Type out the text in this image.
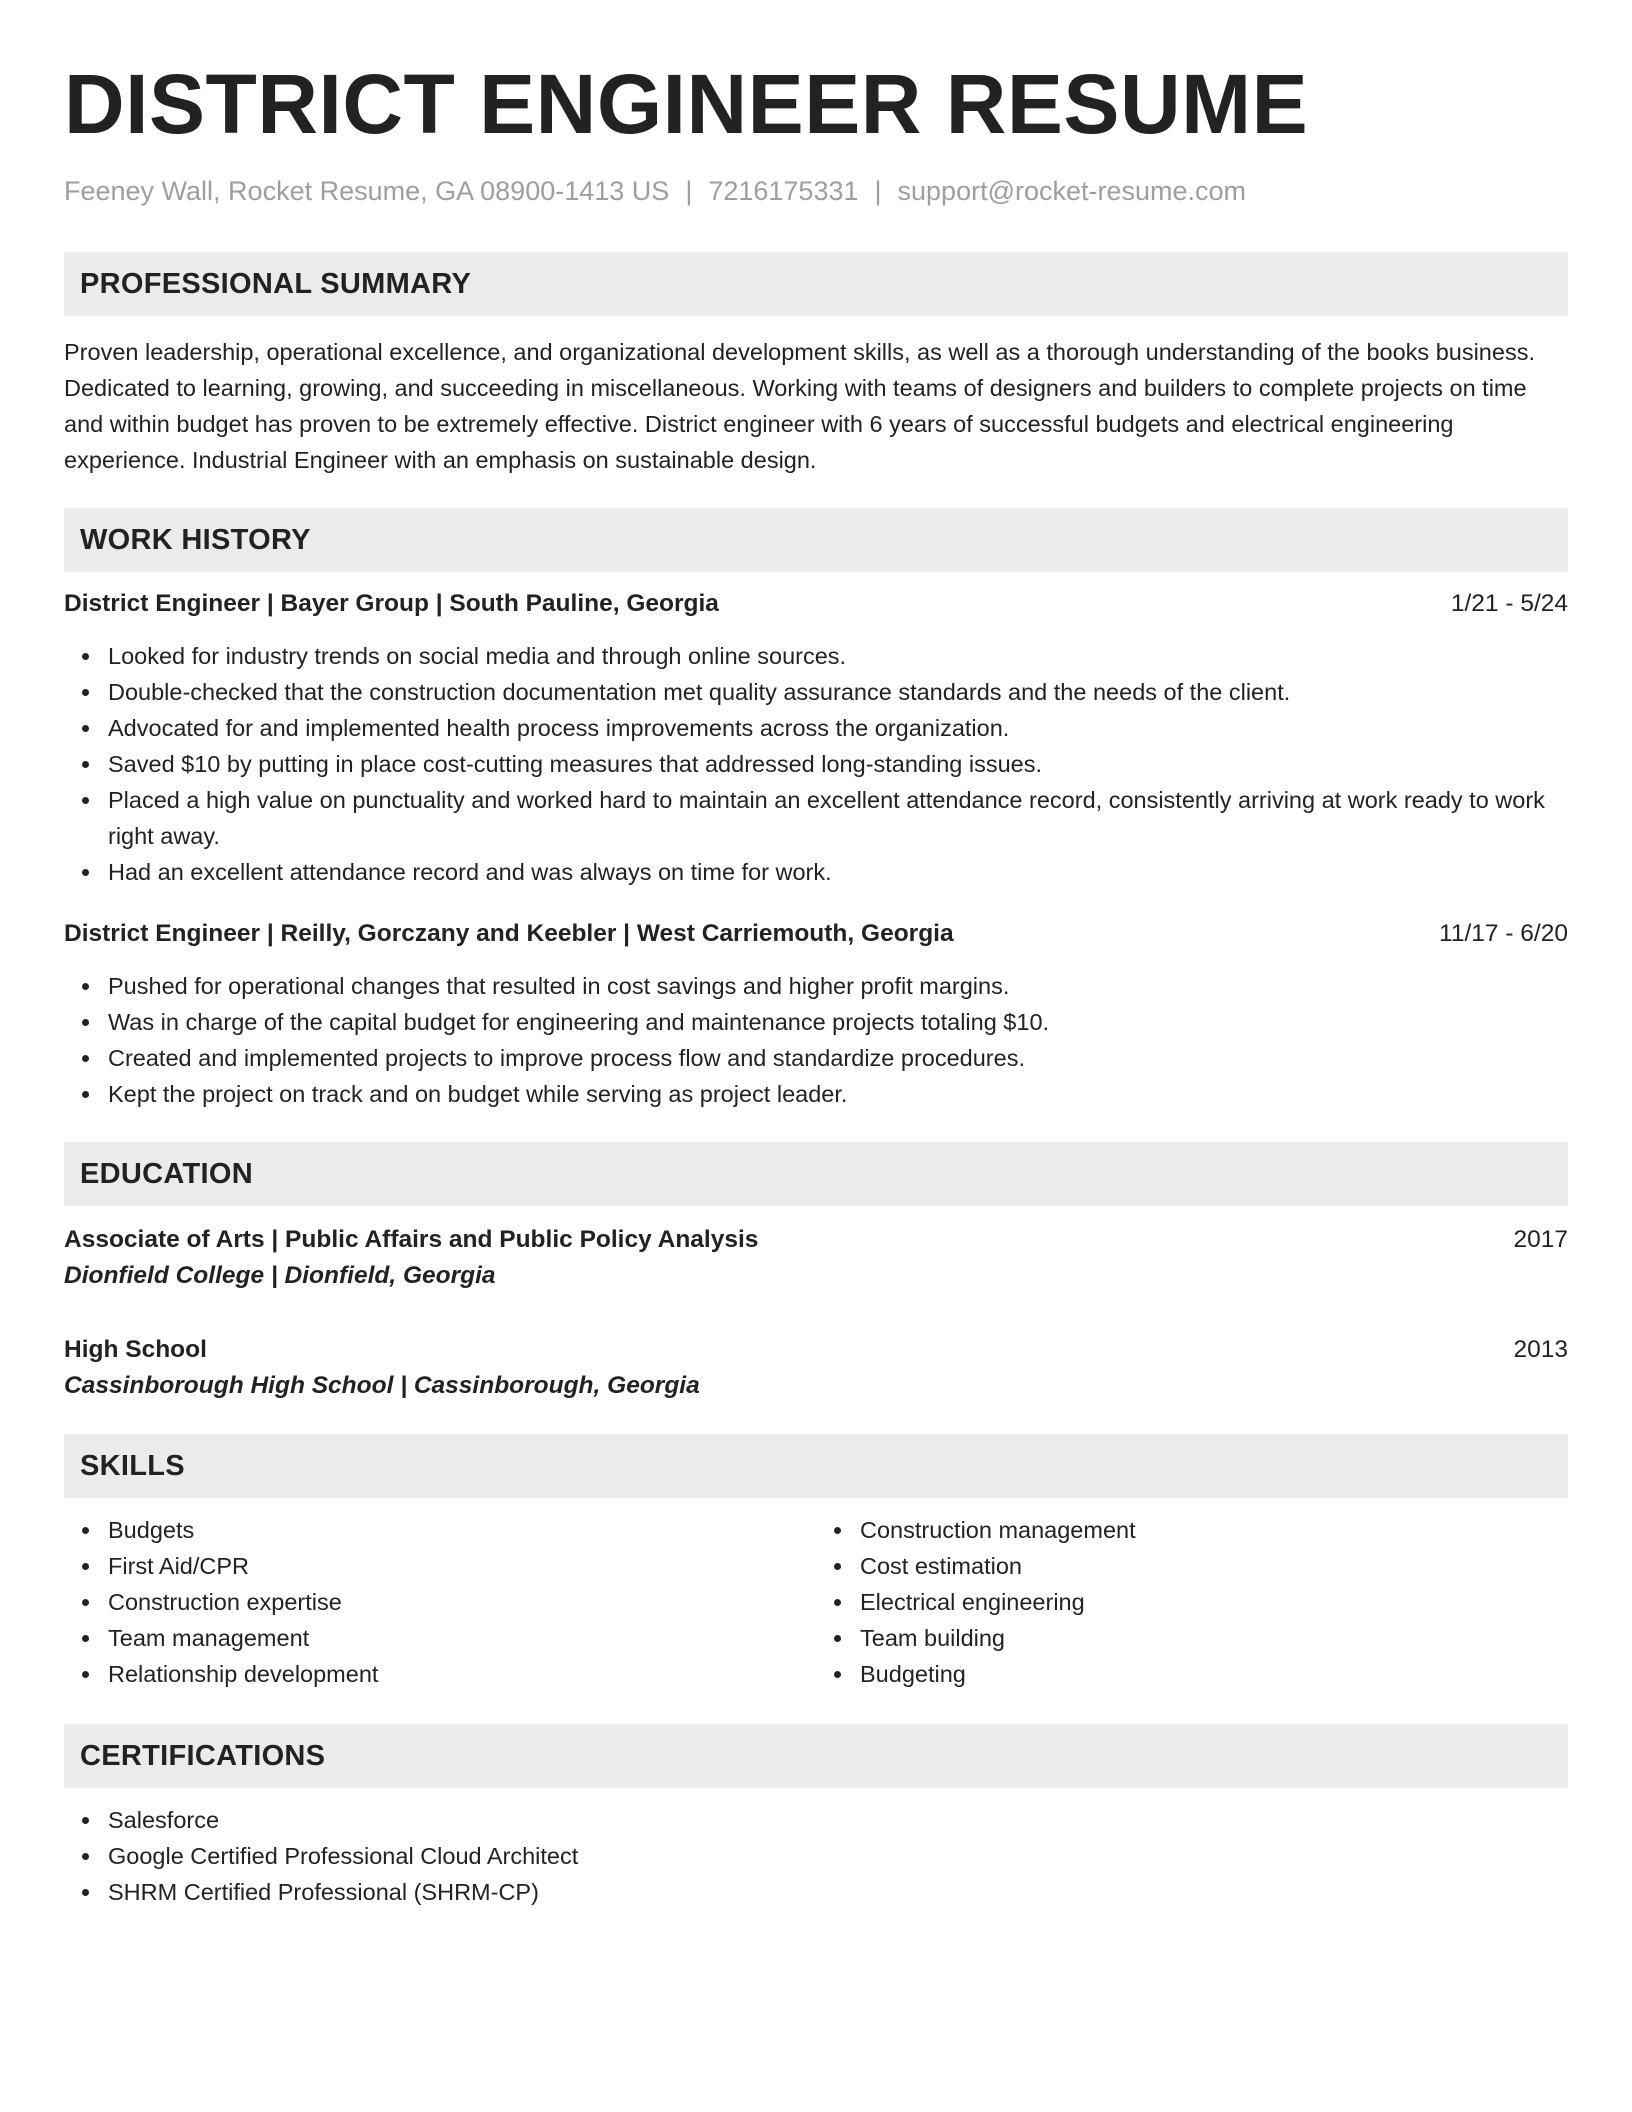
DISTRICT ENGINEER RESUME
Feeney Wall, Rocket Resume, GA 08900-1413 US | 7216175331 | support@rocket-resume.com
PROFESSIONAL SUMMARY

Proven leadership, operational excellence, and organizational development skills, as well as a thorough understanding of the books business. Dedicated to learning, growing, and succeeding in miscellaneous. Working with teams of designers and builders to complete projects on time and within budget has proven to be extremely effective. District engineer with 6 years of successful budgets and electrical engineering experience. Industrial Engineer with an emphasis on sustainable design.

WORK HISTORY
District Engineer | Bayer Group | South Pauline, Georgia	1/21 - 5/24
Looked for industry trends on social media and through online sources.
Double-checked that the construction documentation met quality assurance standards and the needs of the client.
Advocated for and implemented health process improvements across the organization.
Saved $10 by putting in place cost-cutting measures that addressed long-standing issues.
Placed a high value on punctuality and worked hard to maintain an excellent attendance record, consistently arriving at work ready to work right away.
Had an excellent attendance record and was always on time for work.
District Engineer | Reilly, Gorczany and Keebler | West Carriemouth, Georgia	11/17 - 6/20
Pushed for operational changes that resulted in cost savings and higher profit margins.
Was in charge of the capital budget for engineering and maintenance projects totaling $10.
Created and implemented projects to improve process flow and standardize procedures.
Kept the project on track and on budget while serving as project leader.
EDUCATION
Associate of Arts | Public Affairs and Public Policy Analysis	2017
Dionfield College | Dionfield, Georgia
High School	2013
Cassinborough High School | Cassinborough, Georgia
SKILLS
Budgets
First Aid/CPR
Construction expertise
Team management
Relationship development
Construction management
Cost estimation
Electrical engineering
Team building
Budgeting
CERTIFICATIONS
Salesforce
Google Certified Professional Cloud Architect
SHRM Certified Professional (SHRM-CP)
